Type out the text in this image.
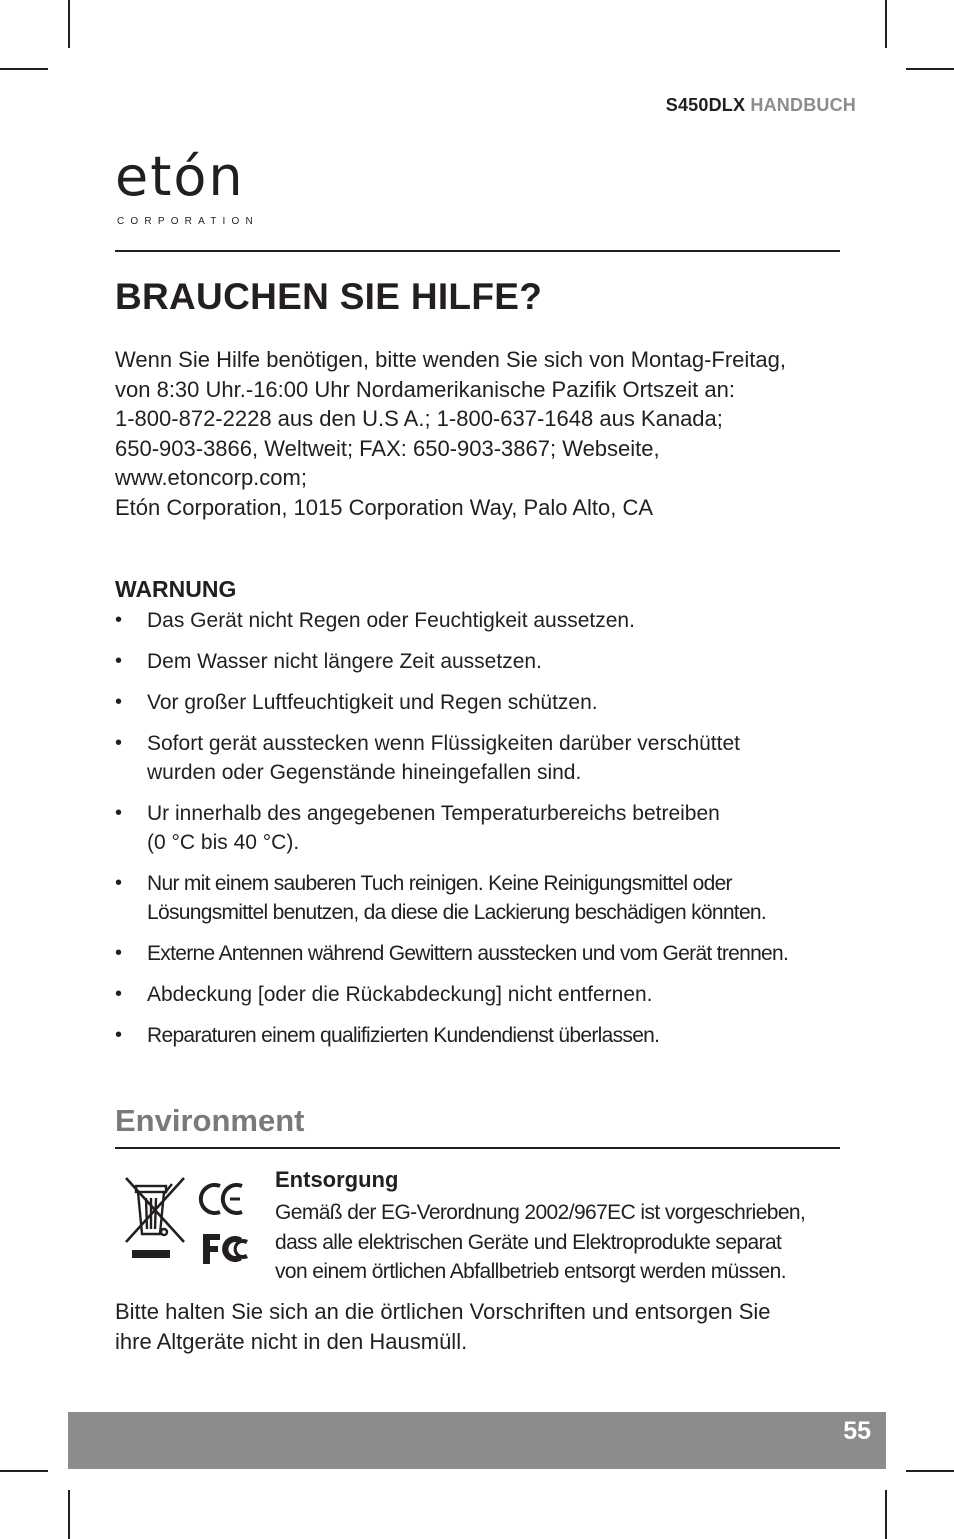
S450DLX HANDBUCH
etón
CORPORATION
BRAUCHEN SIE HILFE?
Wenn Sie Hilfe benötigen, bitte wenden Sie sich von Montag-Freitag,
von 8:30 Uhr.-16:00 Uhr Nordamerikanische Pazifik Ortszeit an:
1-800-872-2228 aus den U.S A.; 1-800-637-1648 aus Kanada;
650-903-3866, Weltweit; FAX: 650-903-3867; Webseite,
www.etoncorp.com;
Etón Corporation, 1015 Corporation Way, Palo Alto, CA
WARNUNG
• Das Gerät nicht Regen oder Feuchtigkeit aussetzen.
• Dem Wasser nicht längere Zeit aussetzen.
• Vor großer Luftfeuchtigkeit und Regen schützen.
• Sofort gerät ausstecken wenn Flüssigkeiten darüber verschüttet
wurden oder Gegenstände hineingefallen sind.
• Ur innerhalb des angegebenen Temperaturbereichs betreiben
(0 °C bis 40 °C).
• Nur mit einem sauberen Tuch reinigen. Keine Reinigungsmittel oder
Lösungsmittel benutzen, da diese die Lackierung beschädigen könnten.
• Externe Antennen während Gewittern ausstecken und vom Gerät trennen.
• Abdeckung [oder die Rückabdeckung] nicht entfernen.
• Reparaturen einem qualifizierten Kundendienst überlassen.
Environment
Entsorgung
Gemäß der EG-Verordnung 2002/967EC ist vorgeschrieben,
dass alle elektrischen Geräte und Elektroprodukte separat
von einem örtlichen Abfallbetrieb entsorgt werden müssen.
Bitte halten Sie sich an die örtlichen Vorschriften und entsorgen Sie
ihre Altgeräte nicht in den Hausmüll.
55
